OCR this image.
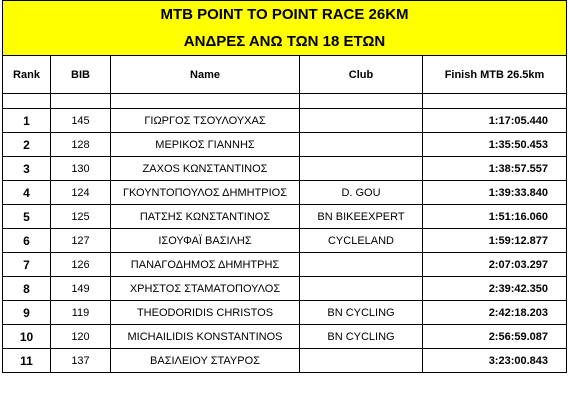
MTB POINT TO POINT RACE 26KM				
ΑΝΔΡΕΣ ΑΝΩ ΤΩΝ 18 ΕΤΩΝ				
Rank	BIB	Name	Club	Finish MTB 26.5km

1	145	ΓΙΩΡΓΟΣ ΤΣΟΥΛΟΥΧΑΣ		1:17:05.440
2	128	ΜΕΡΙΚΟΣ ΓΙΑΝΝΗΣ		1:35:50.453
3	130	ZAXOS ΚΩΝΣΤΑΝΤΙΝΟΣ		1:38:57.557
4	124	ΓΚΟΥΝΤΟΠΟΥΛΟΣ ΔΗΜΗΤΡΙΟΣ	D. GOU	1:39:33.840
5	125	ΠΑΤΣΗΣ ΚΩΝΣΤΑΝΤΙΝΟΣ	BN BIKEEXPERT	1:51:16.060
6	127	ΙΣΟΥΦΑΪ ΒΑΣΙΛΗΣ	CYCLELAND	1:59:12.877
7	126	ΠΑΝΑΓΟΔΗΜΟΣ ΔΗΜΗΤΡΗΣ		2:07:03.297
8	149	ΧΡΗΣΤΟΣ ΣΤΑΜΑΤΟΠΟΥΛΟΣ		2:39:42.350
9	119	THEODORIDIS CHRISTOS	BN CYCLING	2:42:18.203
10	120	MICHAILIDIS KONSTANTINOS	BN CYCLING	2:56:59.087
11	137	ΒΑΣΙΛΕΙΟΥ ΣΤΑΥΡΟΣ		3:23:00.843
